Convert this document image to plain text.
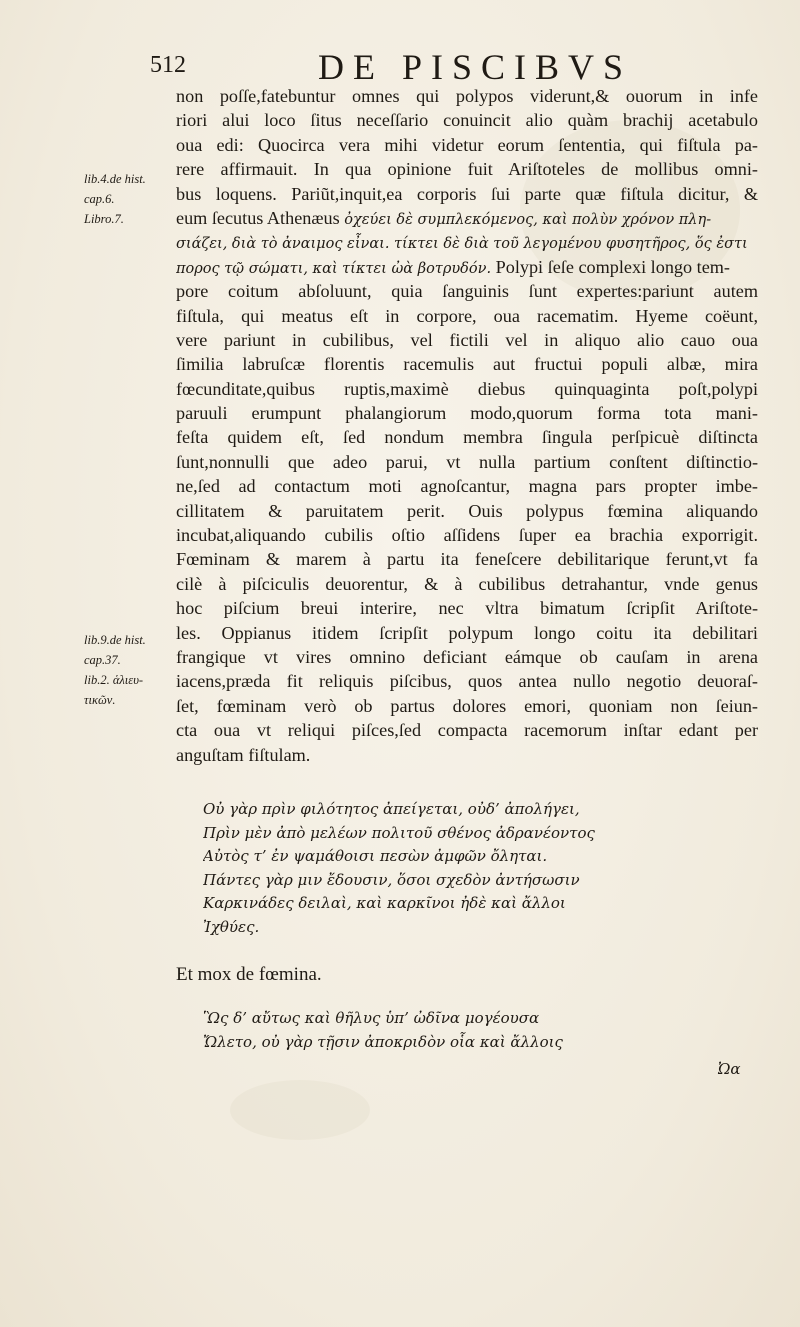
512	DE PISCIBVS
lib.4.de hist.
cap.6.
Libro.7.
lib.9.de hist.
cap.37.
lib.2. ἁλιευ-
τικῶν.
non poſſe,fatebuntur omnes qui polypos viderunt,& ouorum in infe
riori alui loco ſitus neceſſario conuincit alio quàm brachij acetabulo
oua edi: Quocirca vera mihi videtur eorum ſententia, qui fiſtula pa-
rere affirmauit. In qua opinione fuit Ariſtoteles de mollibus omni-
bus loquens. Pariũt,inquit,ea corporis ſui parte quæ fiſtula dicitur, &
eum ſecutus Athenæus ὀχεύει δὲ συμπλεκόμενος, καὶ πολὺν χρόνον πλη-
σιάζει, διὰ τὸ ἀναιμος εἶναι. τίκτει δὲ διὰ τοῦ λεγομένου φυσητῆρος, ὅς ἐστι
πορος τῷ σώματι, καὶ τίκτει ὠὰ βοτρυδόν. Polypi ſeſe complexi longo tem-
pore coitum abſoluunt, quia ſanguinis ſunt expertes:pariunt autem
fiſtula, qui meatus eſt in corpore, oua racematim. Hyeme coëunt,
vere pariunt in cubilibus, vel fictili vel in aliquo alio cauo oua
ſimilia labruſcæ florentis racemulis aut fructui populi albæ, mira
fœcunditate,quibus ruptis,maximè diebus quinquaginta poſt,polypi
paruuli erumpunt phalangiorum modo,quorum forma tota mani-
feſta quidem eſt, ſed nondum membra ſingula perſpicuè diſtincta
ſunt,nonnulli que adeo parui, vt nulla partium conſtent diſtinctio-
ne,ſed ad contactum moti agnoſcantur, magna pars propter imbe-
cillitatem & paruitatem perit. Ouis polypus fœmina aliquando
incubat,aliquando cubilis oſtio aſſidens ſuper ea brachia exporrigit.
Fœminam & marem à partu ita feneſcere debilitarique ferunt,vt fa
cilè à piſciculis deuorentur, & à cubilibus detrahantur, vnde genus
hoc piſcium breui interire, nec vltra bimatum ſcripſit Ariſtote-
les. Oppianus itidem ſcripſit polypum longo coitu ita debilitari
frangique vt vires omnino deficiant eámque ob cauſam in arena
iacens,præda fit reliquis piſcibus, quos antea nullo negotio deuoraſ-
ſet, fœminam verò ob partus dolores emori, quoniam non ſeiun-
cta oua vt reliqui piſces,ſed compacta racemorum inſtar edant per
anguſtam fiſtulam.
Οὐ γὰρ πρὶν φιλότητος ἀπείγεται, οὐδ’ ἀπολήγει,
Πρὶν μὲν ἀπὸ μελέων πολιτοῦ σθένος ἀδρανέοντος
Αὐτὸς τ’ ἐν ψαμάθοισι πεσὼν ἀμφῶν ὄληται.
Πάντες γὰρ μιν ἔδουσιν, ὅσοι σχεδὸν ἀντήσωσιν
Καρκινάδες δειλαὶ, καὶ καρκῖνοι ἠδὲ καὶ ἄλλοι
Ἰχθύες.
Et mox de fœmina.
Ὣς δ’ αὔτως καὶ θῆλυς ὑπ’ ὠδῖνα μογέουσα
Ὤλετο, οὐ γὰρ τῇσιν ἀποκριδὸν οἷα καὶ ἄλλοις
Ὠα
